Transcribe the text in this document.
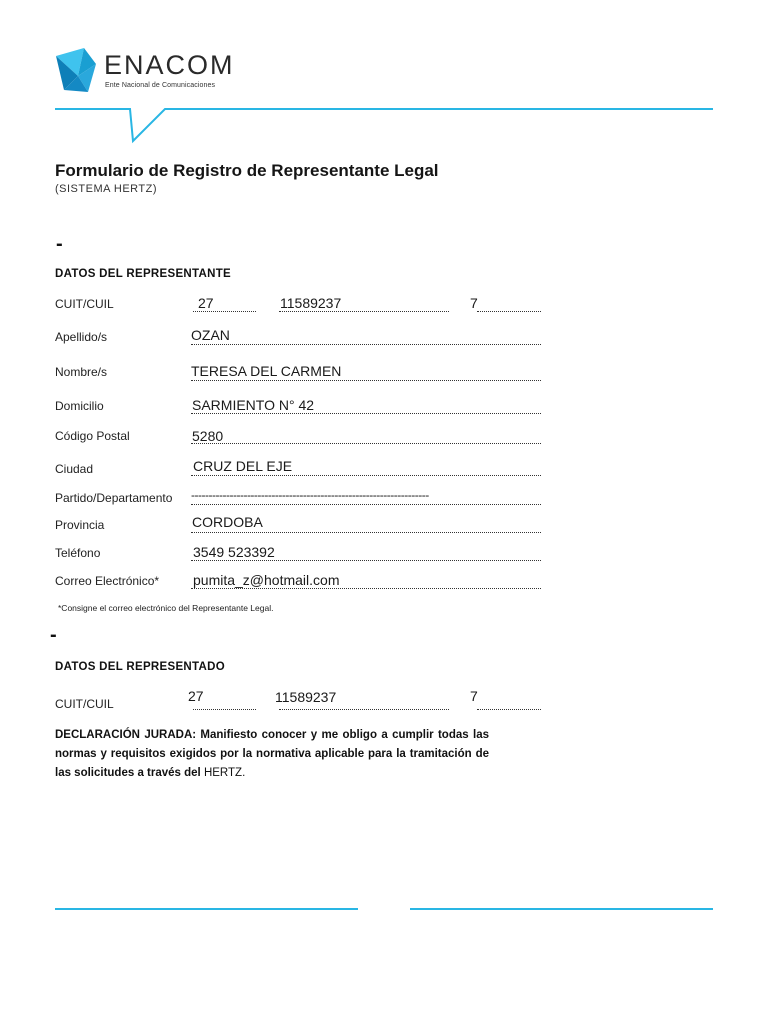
ENACOM
Ente Nacional de Comunicaciones
Formulario de Registro de Representante Legal
(SISTEMA HERTZ)
-
DATOS DEL REPRESENTANTE
CUIT/CUIL	27	11589237	7
Apellido/s	OZAN
Nombre/s	TERESA DEL CARMEN
Domicilio	SARMIENTO N° 42
Código Postal	5280
Ciudad	CRUZ DEL EJE
Partido/Departamento --------------------------------------------------------------------
Provincia	CORDOBA
Teléfono	3549 523392
Correo Electrónico* pumita_z@hotmail.com
*Consigne el correo electrónico del Representante Legal.
-
DATOS DEL REPRESENTADO
CUIT/CUIL	27	11589237	7
DECLARACIÓN JURADA: Manifiesto conocer y me obligo a cumplir todas las normas y requisitos exigidos por la normativa aplicable para la tramitación de las solicitudes a través del HERTZ.
